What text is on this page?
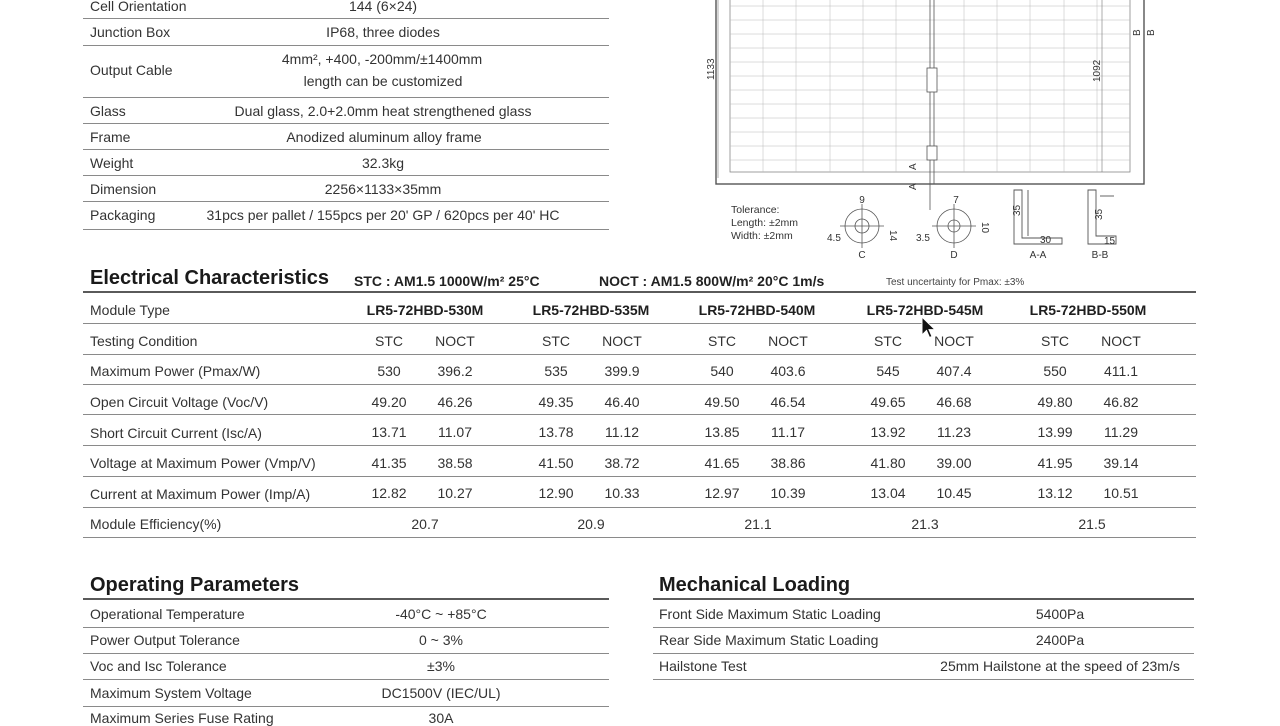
Cell Orientation	144 (6×24)
Junction Box	IP68, three diodes
Output Cable
4mm², +400, -200mm/±1400mm
length can be customized
Glass	Dual glass, 2.0+2.0mm heat strengthened glass
Frame	Anodized aluminum alloy frame
Weight	32.3kg
Dimension	2256×1133×35mm
Packaging	31pcs per pallet / 155pcs per 20' GP / 620pcs per 40' HC
1133	1092
B B
A
A
Tolerance:
Length: ±2mm
Width: ±2mm
9
14
4.5
C
7
10
3.5
D
35
30
A-A
35
15
B-B
Electrical Characteristics STC : AM1.5 1000W/m² 25°C	NOCT : AM1.5 800W/m² 20°C 1m/s	Test uncertainty for Pmax: ±3%
Module Type	LR5-72HBD-530M	LR5-72HBD-535M	LR5-72HBD-540M	LR5-72HBD-545M	LR5-72HBD-550M
Testing Condition	STC NOCT	STC NOCT	STC NOCT	STC NOCT	STC NOCT
Maximum Power (Pmax/W)	530	396.2	535	399.9	540	403.6	545	407.4	550	411.1
Open Circuit Voltage (Voc/V)	49.20 46.26	49.35 46.40	49.50 46.54	49.65 46.68	49.80 46.82
Short Circuit Current (Isc/A)	13.71 11.07	13.78 11.12	13.85 11.17	13.92 11.23	13.99 11.29
Voltage at Maximum Power (Vmp/V)	41.35 38.58	41.50 38.72	41.65 38.86	41.80 39.00	41.95 39.14
Current at Maximum Power (Imp/A)	12.82 10.27	12.90 10.33	12.97 10.39	13.04 10.45	13.12 10.51
Module Efficiency(%)	20.7	20.9	21.1	21.3	21.5
Operating Parameters
Operational Temperature	-40°C ~ +85°C
Power Output Tolerance	0 ~ 3%
Voc and Isc Tolerance	±3%
Maximum System Voltage	DC1500V (IEC/UL)
Maximum Series Fuse Rating	30A
Mechanical Loading
Front Side Maximum Static Loading	5400Pa
Rear Side Maximum Static Loading	2400Pa
Hailstone Test	25mm Hailstone at the speed of 23m/s
